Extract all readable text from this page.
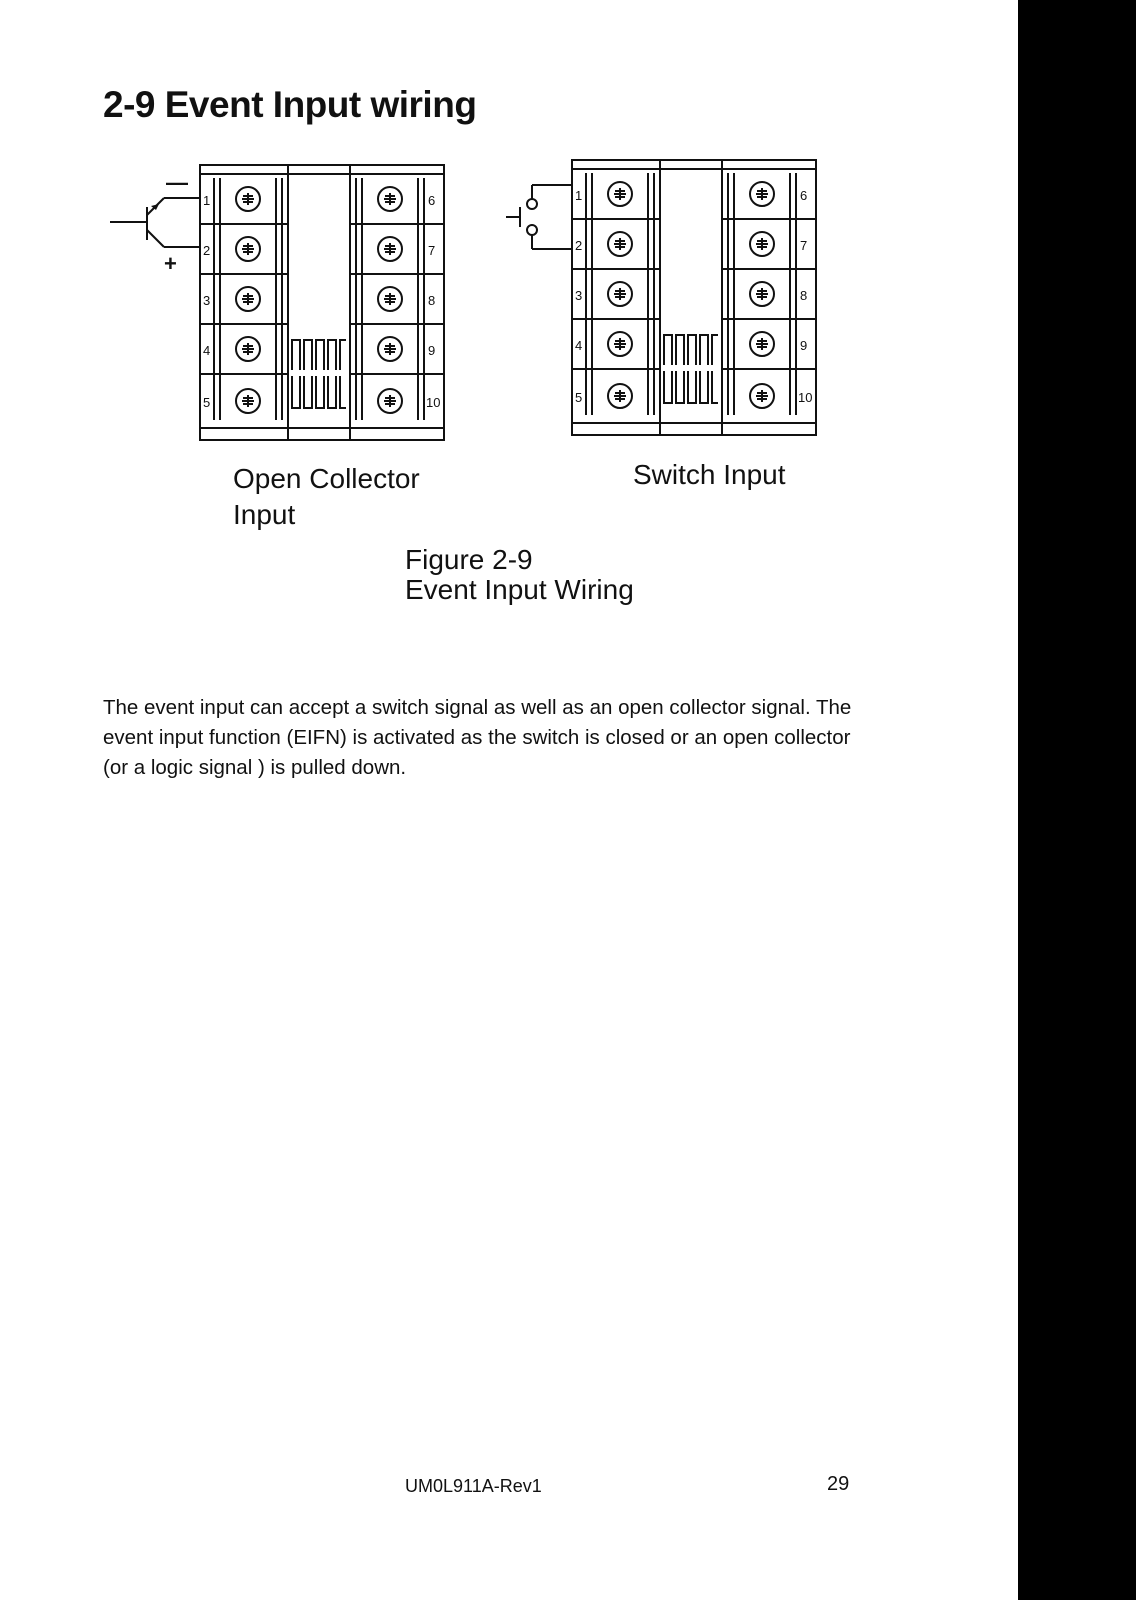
2-9 Event Input wiring
—
+
1
2
3
4
5
6
7
8
9
10
1
2
3
4
5
6
7
8
9
10
Open Collector
Input
Switch Input
Figure 2-9
Event Input Wiring

The event input can accept a switch signal as well as an open collector signal. The event input function (EIFN) is activated as the switch is closed or an open collector (or a logic signal ) is pulled down.

UM0L911A-Rev1	29
